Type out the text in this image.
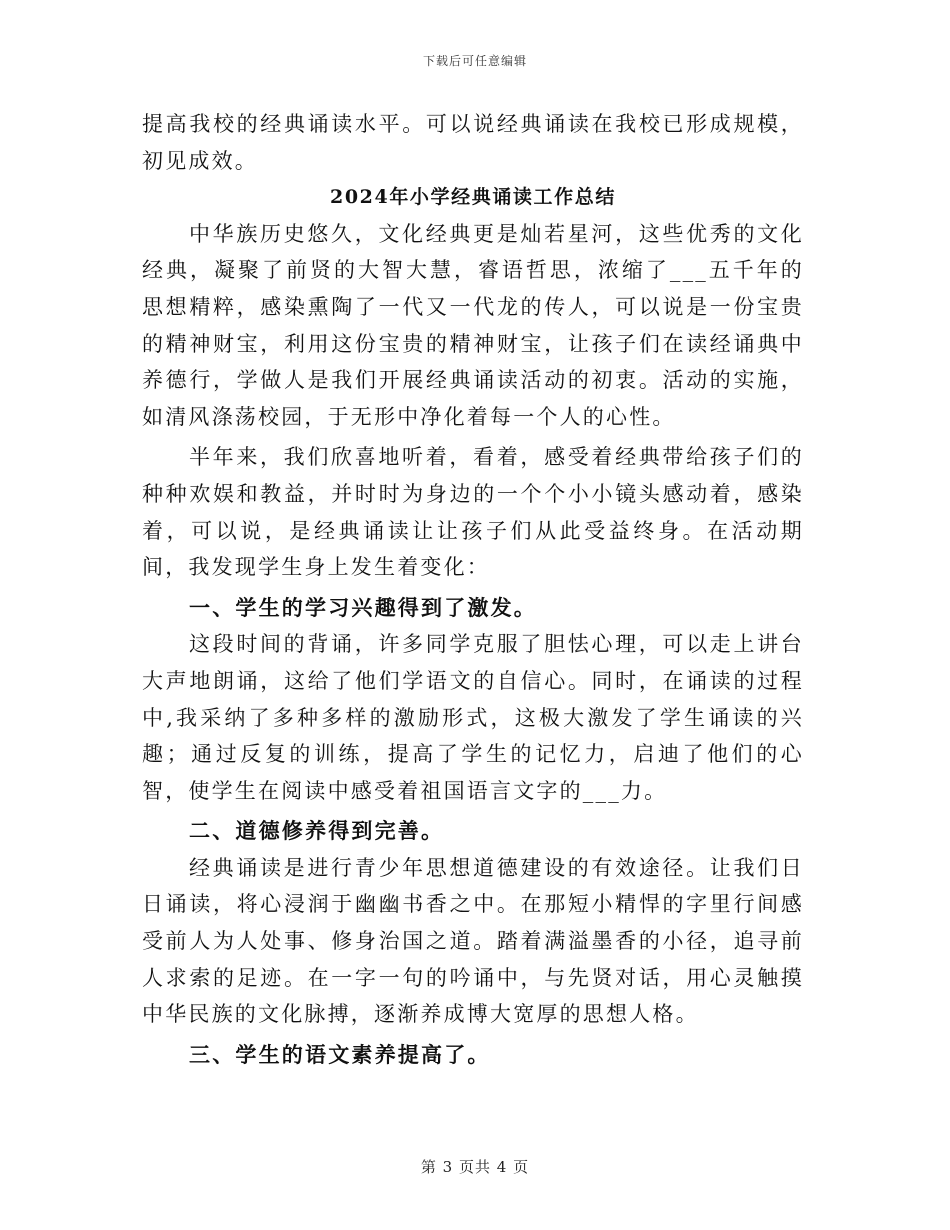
下载后可任意编辑

提高我校的经典诵读水平。可以说经典诵读在我校已形成规模，初见成效。

2024年小学经典诵读工作总结

中华族历史悠久，文化经典更是灿若星河，这些优秀的文化经典，凝聚了前贤的大智大慧，睿语哲思，浓缩了___五千年的思想精粹，感染熏陶了一代又一代龙的传人，可以说是一份宝贵的精神财宝，利用这份宝贵的精神财宝，让孩子们在读经诵典中养德行，学做人是我们开展经典诵读活动的初衷。活动的实施，如清风涤荡校园，于无形中净化着每一个人的心性。

半年来，我们欣喜地听着，看着，感受着经典带给孩子们的种种欢娱和教益，并时时为身边的一个个小小镜头感动着，感染着，可以说，是经典诵读让让孩子们从此受益终身。在活动期间，我发现学生身上发生着变化：

一、学生的学习兴趣得到了激发。

这段时间的背诵，许多同学克服了胆怯心理，可以走上讲台大声地朗诵，这给了他们学语文的自信心。同时，在诵读的过程中,我采纳了多种多样的激励形式，这极大激发了学生诵读的兴趣；通过反复的训练，提高了学生的记忆力，启迪了他们的心智，使学生在阅读中感受着祖国语言文字的___力。

二、道德修养得到完善。

经典诵读是进行青少年思想道德建设的有效途径。让我们日日诵读，将心浸润于幽幽书香之中。在那短小精悍的字里行间感受前人为人处事、修身治国之道。踏着满溢墨香的小径，追寻前人求索的足迹。在一字一句的吟诵中，与先贤对话，用心灵触摸中华民族的文化脉搏，逐渐养成博大宽厚的思想人格。

三、学生的语文素养提高了。
第 3 页共 4 页
